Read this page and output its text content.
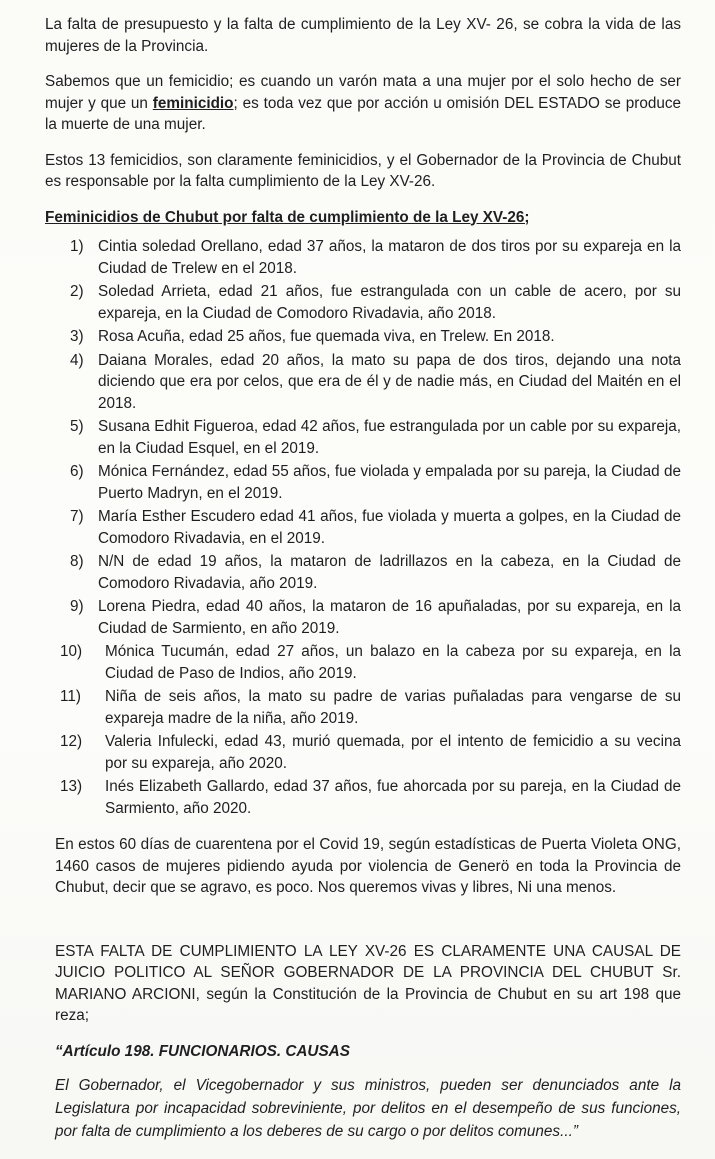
La falta de presupuesto y la falta de cumplimiento de la Ley XV- 26, se cobra la vida de las mujeres de la Provincia.

Sabemos que un femicidio; es cuando un varón mata a una mujer por el solo hecho de ser mujer y que un feminicidio; es toda vez que por acción u omisión DEL ESTADO se produce la muerte de una mujer.

Estos 13 femicidios, son claramente feminicidios, y el Gobernador de la Provincia de Chubut es responsable por la falta cumplimiento de la Ley XV-26.

Feminicidios de Chubut por falta de cumplimiento de la Ley XV-26;

1) Cintia soledad Orellano, edad 37 años, la mataron de dos tiros por su expareja en la Ciudad de Trelew en el 2018.
2) Soledad Arrieta, edad 21 años, fue estrangulada con un cable de acero, por su expareja, en la Ciudad de Comodoro Rivadavia, año 2018.
3) Rosa Acuña, edad 25 años, fue quemada viva, en Trelew. En 2018.
4) Daiana Morales, edad 20 años, la mato su papa de dos tiros, dejando una nota diciendo que era por celos, que era de él y de nadie más, en Ciudad del Maitén en el 2018.
5) Susana Edhit Figueroa, edad 42 años, fue estrangulada por un cable por su expareja, en la Ciudad Esquel, en el 2019.
6) Mónica Fernández, edad 55 años, fue violada y empalada por su pareja, la Ciudad de Puerto Madryn, en el 2019.
7) María Esther Escudero edad 41 años, fue violada y muerta a golpes, en la Ciudad de Comodoro Rivadavia, en el 2019.
8) N/N de edad 19 años, la mataron de ladrillazos en la cabeza, en la Ciudad de Comodoro Rivadavia, año 2019.
9) Lorena Piedra, edad 40 años, la mataron de 16 apuñaladas, por su expareja, en la Ciudad de Sarmiento, en año 2019.
10) Mónica Tucumán, edad 27 años, un balazo en la cabeza por su expareja, en la Ciudad de Paso de Indios, año 2019.
11) Niña de seis años, la mato su padre de varias puñaladas para vengarse de su expareja madre de la niña, año 2019.
12) Valeria Infulecki, edad 43, murió quemada, por el intento de femicidio a su vecina por su expareja, año 2020.
13) Inés Elizabeth Gallardo, edad 37 años, fue ahorcada por su pareja, en la Ciudad de Sarmiento, año 2020.

En estos 60 días de cuarentena por el Covid 19, según estadísticas de Puerta Violeta ONG, 1460 casos de mujeres pidiendo ayuda por violencia de Generö en toda la Provincia de Chubut, decir que se agravo, es poco. Nos queremos vivas y libres, Ni una menos.

ESTA FALTA DE CUMPLIMIENTO LA LEY XV-26 ES CLARAMENTE UNA CAUSAL DE JUICIO POLITICO AL SEÑOR GOBERNADOR DE LA PROVINCIA DEL CHUBUT Sr. MARIANO ARCIONI, según la Constitución de la Provincia de Chubut en su art 198 que reza;

“Artículo 198. FUNCIONARIOS. CAUSAS

El Gobernador, el Vicegobernador y sus ministros, pueden ser denunciados ante la Legislatura por incapacidad sobreviniente, por delitos en el desempeño de sus funciones, por falta de cumplimiento a los deberes de su cargo o por delitos comunes...”
